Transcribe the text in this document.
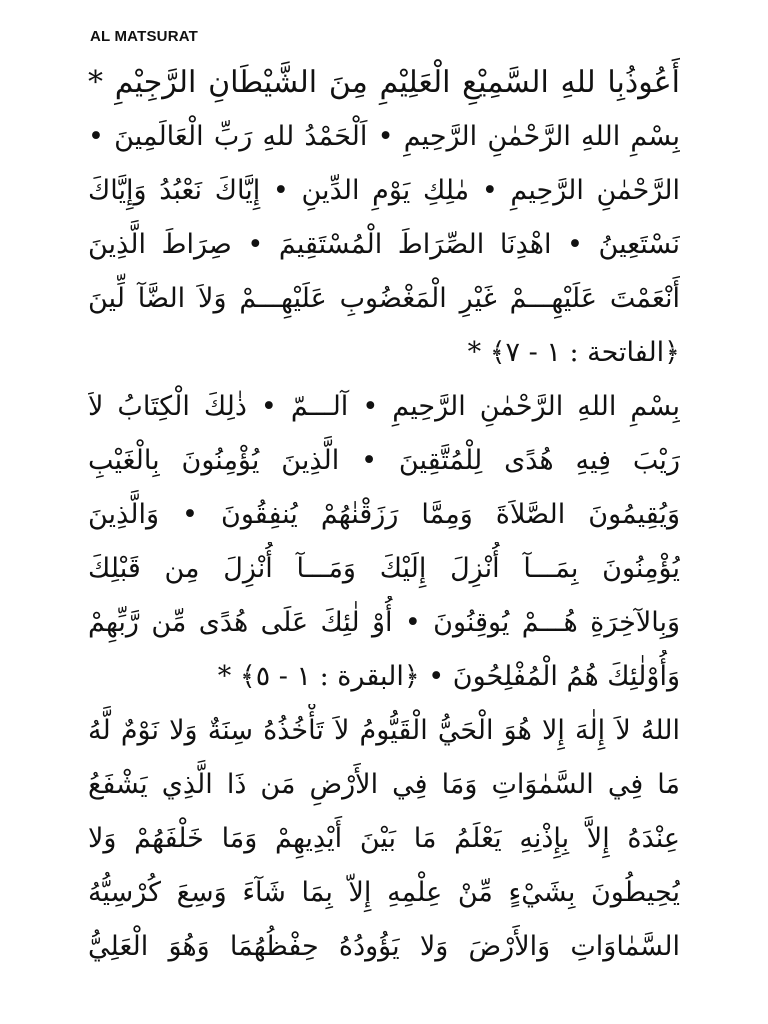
AL MATSURAT
أَعُوذُبِا للهِ السَّمِيْعِ الْعَلِيْمِ مِنَ الشَّيْطَانِ الرَّجِيْمِ *
بِسْمِ اللهِ الرَّحْمٰنِ الرَّحِيمِ • اَلْحَمْدُ للهِ رَبِّ الْعَالَمِينَ •
الرَّحْمٰنِ الرَّحِيمِ • مٰلِكِ يَوْمِ الدِّينِ • إِيَّاكَ نَعْبُدُ وَإِيَّاكَ
نَسْتَعِينُ • اهْدِنَا الصِّرَاطَ الْمُسْتَقِيمَ • صِرَاطَ الَّذِينَ
أَنْعَمْتَ عَلَيْهِـــمْ غَيْرِ الْمَغْضُوبِ عَلَيْهِـــمْ وَلاَ الضَّآ لِّينَ
﴿الفاتحة : ١ - ٧﴾ *
بِسْمِ اللهِ الرَّحْمٰنِ الرَّحِيمِ • آلـــمّ • ذٰلِكَ الْكِتَابُ لاَ
رَيْبَ فِيهِ هُدًى لِلْمُتَّقِينَ • الَّذِينَ يُؤْمِنُونَ بِالْغَيْبِ
وَيُقِيمُونَ الصَّلاَةَ وَمِمَّا رَزَقْنٰهُمْ يُنفِقُونَ • وَالَّذِينَ
يُؤْمِنُونَ بِمَـــآ أُنْزِلَ إِلَيْكَ وَمَـــآ أُنْزِلَ مِن قَبْلِكَ
وَبِالآخِرَةِ هُـــمْ يُوقِنُونَ • أُوْ لٰئِكَ عَلَى هُدًى مِّن رَّبِّهِمْ
وَأُوْلٰئِكَ هُمُ الْمُفْلِحُونَ • ﴿البقرة : ١ - ٥﴾ *
اللهُ لاَ إِلٰهَ إِلا هُوَ الْحَيُّ الْقَيُّومُ لاَ تَأْخُذُهُ سِنَةٌ وَلا نَوْمٌ لَّهُ
مَا فِي السَّمٰوَاتِ وَمَا فِي الأَرْضِ مَن ذَا الَّذِي يَشْفَعُ
عِنْدَهُ إِلاَّ بِإِذْنِهِ يَعْلَمُ مَا بَيْنَ أَيْدِيهِمْ وَمَا خَلْفَهُمْ وَلا
يُحِيطُونَ بِشَيْءٍ مِّنْ عِلْمِهِ إِلاّ بِمَا شَآءَ وَسِعَ كُرْسِيُّهُ
السَّمٰاوَاتِ وَالأَرْضَ وَلا يَؤُودُهُ حِفْظُهُمَا وَهُوَ الْعَلِيُّ
